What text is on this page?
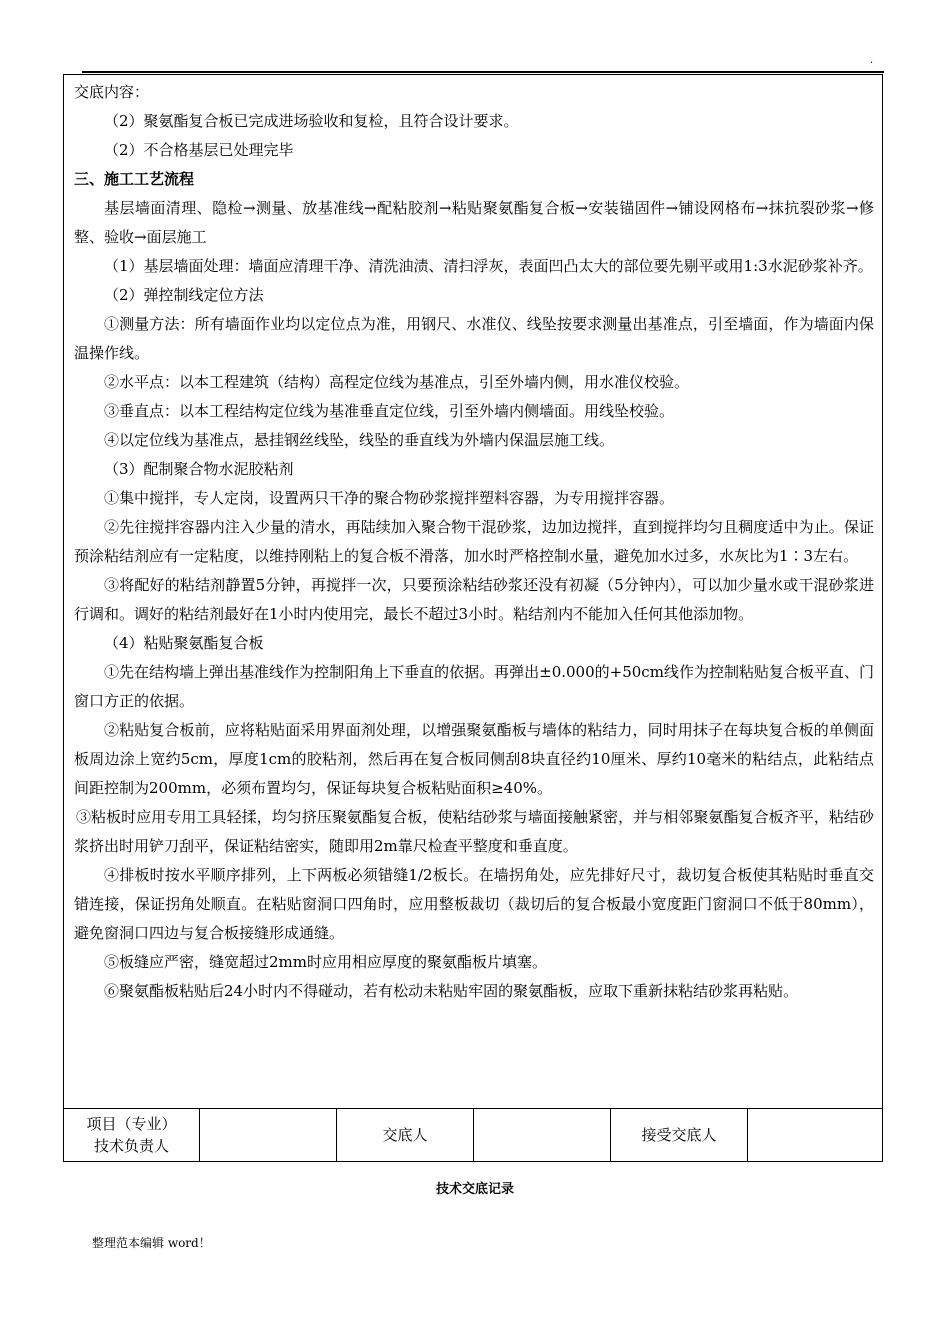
·

交底内容：

（2）聚氨酯复合板已完成进场验收和复检，且符合设计要求。

（2）不合格基层已处理完毕

三、施工工艺流程

基层墙面清理、隐检→测量、放基准线→配粘胶剂→粘贴聚氨酯复合板→安装锚固件→铺设网格布→抹抗裂砂浆→修整、验收→面层施工

（1）基层墙面处理：墙面应清理干净、清洗油渍、清扫浮灰，表面凹凸太大的部位要先剔平或用1:3水泥砂浆补齐。

（2）弹控制线定位方法

①测量方法：所有墙面作业均以定位点为准，用钢尺、水准仪、线坠按要求测量出基准点，引至墙面，作为墙面内保温操作线。

②水平点：以本工程建筑（结构）高程定位线为基准点，引至外墙内侧，用水准仪校验。

③垂直点：以本工程结构定位线为基准垂直定位线，引至外墙内侧墙面。用线坠校验。

④以定位线为基准点，悬挂钢丝线坠，线坠的垂直线为外墙内保温层施工线。

（3）配制聚合物水泥胶粘剂

①集中搅拌，专人定岗，设置两只干净的聚合物砂浆搅拌塑料容器，为专用搅拌容器。

②先往搅拌容器内注入少量的清水，再陆续加入聚合物干混砂浆，边加边搅拌，直到搅拌均匀且稠度适中为止。保证预涂粘结剂应有一定粘度，以维持刚粘上的复合板不滑落，加水时严格控制水量，避免加水过多，水灰比为1∶3左右。

③将配好的粘结剂静置5分钟，再搅拌一次，只要预涂粘结砂浆还没有初凝（5分钟内），可以加少量水或干混砂浆进行调和。调好的粘结剂最好在1小时内使用完，最长不超过3小时。粘结剂内不能加入任何其他添加物。

（4）粘贴聚氨酯复合板

①先在结构墙上弹出基准线作为控制阳角上下垂直的依据。再弹出±0.000的+50cm线作为控制粘贴复合板平直、门窗口方正的依据。

②粘贴复合板前，应将粘贴面采用界面剂处理，以增强聚氨酯板与墙体的粘结力，同时用抹子在每块复合板的单侧面板周边涂上宽约5cm，厚度1cm的胶粘剂，然后再在复合板同侧刮8块直径约10厘米、厚约10毫米的粘结点，此粘结点间距控制为200mm，必须布置均匀，保证每块复合板粘贴面积≥40%。

③粘板时应用专用工具轻揉，均匀挤压聚氨酯复合板，使粘结砂浆与墙面接触紧密，并与相邻聚氨酯复合板齐平，粘结砂浆挤出时用铲刀刮平，保证粘结密实，随即用2m靠尺检查平整度和垂直度。

④排板时按水平顺序排列，上下两板必须错缝1/2板长。在墙拐角处，应先排好尺寸，裁切复合板使其粘贴时垂直交错连接，保证拐角处顺直。在粘贴窗洞口四角时，应用整板裁切（裁切后的复合板最小宽度距门窗洞口不低于80mm），避免窗洞口四边与复合板接缝形成通缝。

⑤板缝应严密，缝宽超过2mm时应用相应厚度的聚氨酯板片填塞。

⑥聚氨酯板粘贴后24小时内不得碰动，若有松动未粘贴牢固的聚氨酯板，应取下重新抹粘结砂浆再粘贴。

项目（专业）
技术负责人
交底人	接受交底人
技术交底记录
整理范本编辑 word！
